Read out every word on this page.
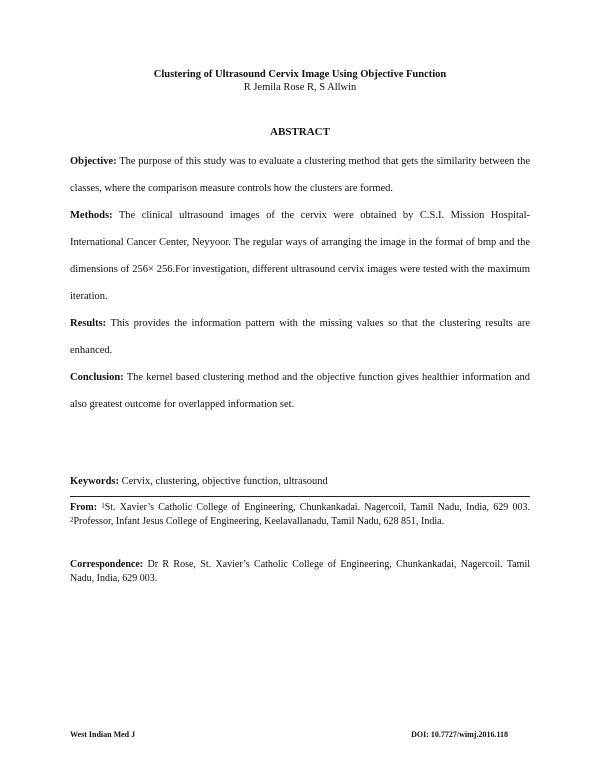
Clustering of Ultrasound Cervix Image Using Objective Function
R Jemila Rose R, S Allwin
ABSTRACT

Objective: The purpose of this study was to evaluate a clustering method that gets the similarity between the classes, where the comparison measure controls how the clusters are formed.

Methods: The clinical ultrasound images of the cervix were obtained by C.S.I. Mission Hospital- International Cancer Center, Neyyoor. The regular ways of arranging the image in the format of bmp and the dimensions of 256× 256.For investigation, different ultrasound cervix images were tested with the maximum iteration.

Results: This provides the information pattern with the missing values so that the clustering results are enhanced.

Conclusion: The kernel based clustering method and the objective function gives healthier information and also greatest outcome for overlapped information set.

Keywords: Cervix, clustering, objective function, ultrasound
From: $^1$St. Xavier’s Catholic College of Engineering, Chunkankadai. Nagercoil, Tamil Nadu, India, 629 003. $^2$Professor, Infant Jesus College of Engineering, Keelavallanadu, Tamil Nadu, 628 851, India.
Correspondence: Dr R Rose, St. Xavier’s Catholic College of Engineering, Chunkankadai, Nagercoil. Tamil Nadu, India, 629 003.
West Indian Med J	DOI: 10.7727/wimj.2016.118
